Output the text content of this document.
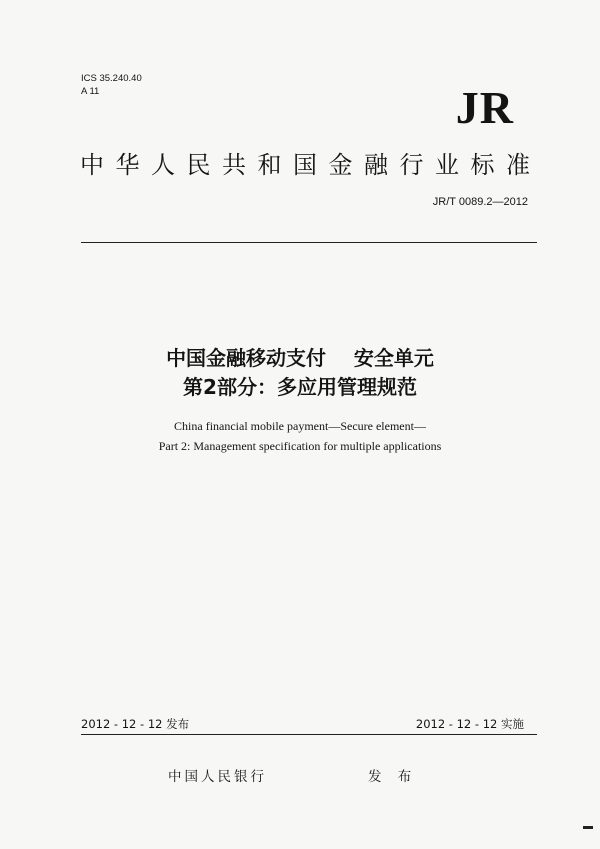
ICS 35.240.40
A 11	JR
中华人民共和国金融行业标准
JR/T 0089.2—2012
中国金融移动支付    安全单元
第2部分：多应用管理规范
China financial mobile payment—Secure element—
Part 2: Management specification for multiple applications
2012 - 12 - 12 发布	2012 - 12 - 12 实施
中国人民银行	发 布
